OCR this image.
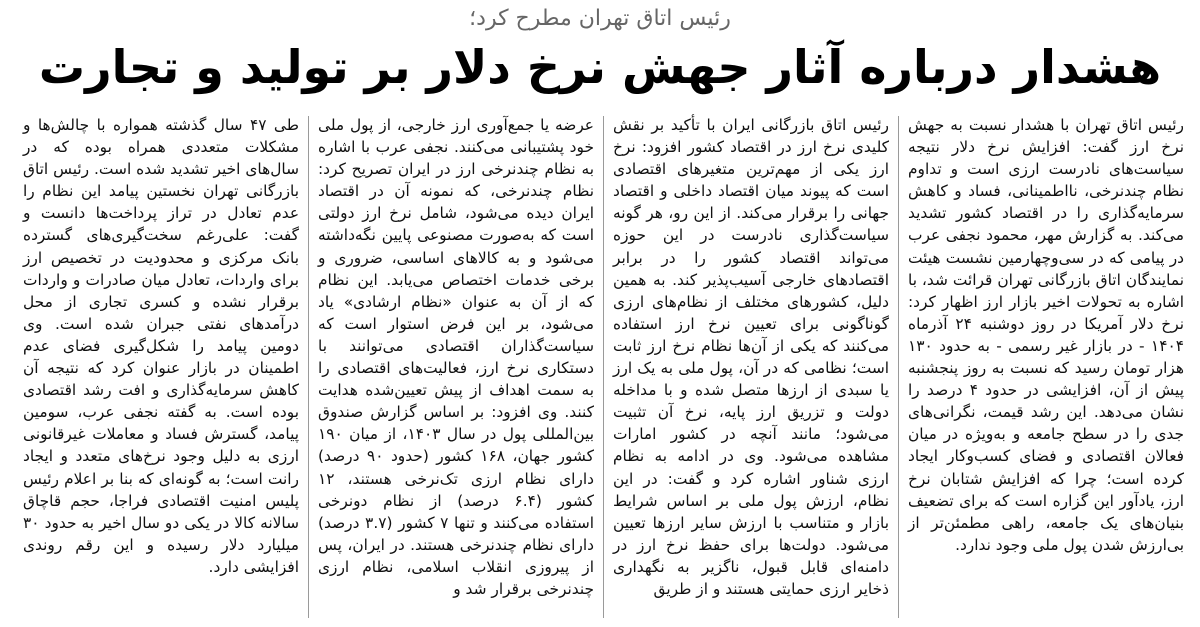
رئیس اتاق تهران مطرح کرد؛
هشدار درباره آثار جهش نرخ دلار بر تولید و تجارت

رئیس اتاق تهران با هشدار نسبت به جهش نرخ ارز گفت: افزایش نرخ دلار نتیجه سیاست‌های نادرست ارزی است و تداوم نظام چندنرخی، نااطمینانی، فساد و کاهش سرمایه‌گذاری را در اقتصاد کشور تشدید می‌کند. به گزارش مهر، محمود نجفی عرب در پیامی که در سی‌وچهارمین نشست هیئت نمایندگان اتاق بازرگانی تهران قرائت شد، با اشاره به تحولات اخیر بازار ارز اظهار کرد: نرخ دلار آمریکا در روز دوشنبه ۲۴ آذرماه ۱۴۰۴ - در بازار غیر رسمی - به حدود ۱۳۰ هزار تومان رسید که نسبت به روز پنجشنبه پیش از آن، افزایشی در حدود ۴ درصد را نشان می‌دهد. این رشد قیمت، نگرانی‌های جدی را در سطح جامعه و به‌ویژه در میان فعالان اقتصادی و فضای کسب‌وکار ایجاد کرده است؛ چرا که افزایش شتابان نرخ ارز، یادآور این گزاره است که برای تضعیف بنیان‌های یک جامعه، راهی مطمئن‌تر از بی‌ارزش شدن پول ملی وجود ندارد.

رئیس اتاق بازرگانی ایران با تأکید بر نقش کلیدی نرخ ارز در اقتصاد کشور افزود: نرخ ارز یکی از مهم‌ترین متغیرهای اقتصادی است که پیوند میان اقتصاد داخلی و اقتصاد جهانی را برقرار می‌کند. از این رو، هر گونه سیاست‌گذاری نادرست در این حوزه می‌تواند اقتصاد کشور را در برابر اقتصادهای خارجی آسیب‌پذیر کند. به همین دلیل، کشورهای مختلف از نظام‌های ارزی گوناگونی برای تعیین نرخ ارز استفاده می‌کنند که یکی از آن‌ها نظام نرخ ارز ثابت است؛ نظامی که در آن، پول ملی به یک ارز یا سبدی از ارزها متصل شده و با مداخله دولت و تزریق ارز پایه، نرخ آن تثبیت می‌شود؛ مانند آنچه در کشور امارات مشاهده می‌شود. وی در ادامه به نظام ارزی شناور اشاره کرد و گفت: در این نظام، ارزش پول ملی بر اساس شرایط بازار و متناسب با ارزش سایر ارزها تعیین می‌شود. دولت‌ها برای حفظ نرخ ارز در دامنه‌ای قابل قبول، ناگزیر به نگهداری ذخایر ارزی حمایتی هستند و از طریق

عرضه یا جمع‌آوری ارز خارجی، از پول ملی خود پشتیبانی می‌کنند. نجفی عرب با اشاره به نظام چندنرخی ارز در ایران تصریح کرد: نظام چندنرخی، که نمونه آن در اقتصاد ایران دیده می‌شود، شامل نرخ ارز دولتی است که به‌صورت مصنوعی پایین نگه‌داشته می‌شود و به کالاهای اساسی، ضروری و برخی خدمات اختصاص می‌یابد. این نظام که از آن به عنوان «نظام ارشادی» یاد می‌شود، بر این فرض استوار است که سیاست‌گذاران اقتصادی می‌توانند با دستکاری نرخ ارز، فعالیت‌های اقتصادی را به سمت اهداف از پیش تعیین‌شده هدایت کنند. وی افزود: بر اساس گزارش صندوق بین‌المللی پول در سال ۱۴۰۳، از میان ۱۹۰ کشور جهان، ۱۶۸ کشور (حدود ۹۰ درصد) دارای نظام ارزی تک‌نرخی هستند، ۱۲ کشور (۶.۴ درصد) از نظام دونرخی استفاده می‌کنند و تنها ۷ کشور (۳.۷ درصد) دارای نظام چندنرخی هستند. در ایران، پس از پیروزی انقلاب اسلامی، نظام ارزی چندنرخی برقرار شد و

طی ۴۷ سال گذشته همواره با چالش‌ها و مشکلات متعددی همراه بوده که در سال‌های اخیر تشدید شده است. رئیس اتاق بازرگانی تهران نخستین پیامد این نظام را عدم تعادل در تراز پرداخت‌ها دانست و گفت: علی‌رغم سخت‌گیری‌های گسترده بانک مرکزی و محدودیت در تخصیص ارز برای واردات، تعادل میان صادرات و واردات برقرار نشده و کسری تجاری از محل درآمدهای نفتی جبران شده است. وی دومین پیامد را شکل‌گیری فضای عدم اطمینان در بازار عنوان کرد که نتیجه آن کاهش سرمایه‌گذاری و افت رشد اقتصادی بوده است. به گفته نجفی عرب، سومین پیامد، گسترش فساد و معاملات غیرقانونی ارزی به دلیل وجود نرخ‌های متعدد و ایجاد رانت است؛ به گونه‌ای که بنا بر اعلام رئیس پلیس امنیت اقتصادی فراجا، حجم قاچاق سالانه کالا در یکی دو سال اخیر به حدود ۳۰ میلیارد دلار رسیده و این رقم روندی افزایشی دارد.
